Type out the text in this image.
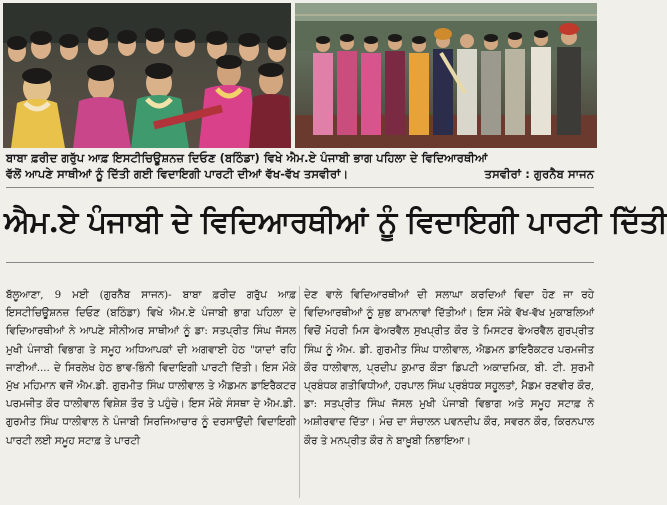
ਬਾਬਾ ਫ਼ਰੀਦ ਗਰੁੱਪ ਆਫ਼ ਇਸਟੀਚਿਊਸ਼ਨਜ਼ ਦਿਓਣ (ਬਠਿੰਡਾ) ਵਿਖੇ ਐਮ.ਏ ਪੰਜਾਬੀ ਭਾਗ ਪਹਿਲਾ ਦੇ ਵਿਦਿਆਰਥੀਆਂ
ਵੱਲੋਂ ਆਪਣੇ ਸਾਥੀਆਂ ਨੂੰ ਦਿੱਤੀ ਗਈ ਵਿਦਾਇਗੀ ਪਾਰਟੀ ਦੀਆਂ ਵੱਖ-ਵੱਖ ਤਸਵੀਰਾਂ।	ਤਸਵੀਰਾਂ : ਗੁਰਨੈਬ ਸਾਜਨ
ਐਮ.ਏ ਪੰਜਾਬੀ ਦੇ ਵਿਦਿਆਰਥੀਆਂ ਨੂੰ ਵਿਦਾਇਗੀ ਪਾਰਟੀ ਦਿੱਤੀ
ਬੱਲੂਆਣਾ, 9 ਮਈ (ਗੁਰਨੈਬ ਸਾਜਨ)- ਬਾਬਾ ਫ਼ਰੀਦ ਗਰੁੱਪ ਆਫ਼ ਇਸਟੀਚਿਊਸ਼ਨਜ਼ ਦਿਓਣ (ਬਠਿੰਡਾ) ਵਿਖੇ ਐਮ.ਏ ਪੰਜਾਬੀ ਭਾਗ ਪਹਿਲਾ ਦੇ ਵਿਦਿਆਰਥੀਆਂ ਨੇ ਆਪਣੇ ਸੀਨੀਅਰ ਸਾਥੀਆਂ ਨੂੰ ਡਾ: ਸਤਪ੍ਰੀਤ ਸਿੰਘ ਜੱਸਲ ਮੁਖੀ ਪੰਜਾਬੀ ਵਿਭਾਗ ਤੇ ਸਮੂਹ ਅਧਿਆਪਕਾਂ ਦੀ ਅਗਵਾਈ ਹੇਠ "ਯਾਦਾਂ ਰਹਿ ਜਾਣੀਆਂ.... ਦੇ ਸਿਰਲੇਖ ਹੇਠ ਭਾਵ-ਭਿੰਨੀ ਵਿਦਾਇਗੀ ਪਾਰਟੀ ਦਿੱਤੀ। ਇਸ ਮੌਕੇ ਮੁੱਖ ਮਹਿਮਾਨ ਵਜੋਂ ਐਮ.ਡੀ. ਗੁਰਮੀਤ ਸਿੰਘ ਧਾਲੀਵਾਲ ਤੇ ਐਡਮਨ ਡਾਇਰੈਕਟਰ ਪਰਮਜੀਤ ਕੌਰ ਧਾਲੀਵਾਲ ਵਿਸ਼ੇਸ਼ ਤੌਰ ਤੇ ਪਹੁੰਚੇ। ਇਸ ਮੌਕੇ ਸੰਸਥਾ ਦੇ ਐਮ.ਡੀ. ਗੁਰਮੀਤ ਸਿੰਘ ਧਾਲੀਵਾਲ ਨੇ ਪੰਜਾਬੀ ਸਿਰਜਿਆਚਾਰ ਨੂੰ ਦਰਸਾਉਂਦੀ ਵਿਦਾਇਗੀ ਪਾਰਟੀ ਲਈ ਸਮੂਹ ਸਟਾਫ਼ ਤੇ ਪਾਰਟੀ
ਦੇਣ ਵਾਲੇ ਵਿਦਿਆਰਥੀਆਂ ਦੀ ਸਲਾਘਾ ਕਰਦਿਆਂ ਵਿਦਾ ਹੋਣ ਜਾ ਰਹੇ ਵਿਦਿਆਰਥੀਆਂ ਨੂੰ ਸ਼ੁਭ ਕਾਮਨਾਵਾਂ ਦਿੱਤੀਆਂ। ਇਸ ਮੌਕੇ ਵੱਖ-ਵੱਖ ਮੁਕਾਬਲਿਆਂ ਵਿਚੋਂ ਮੋਹਰੀ ਮਿਸ ਫੇਅਰਵੈਲ ਸੁਖਪ੍ਰੀਤ ਕੌਰ ਤੇ ਮਿਸਟਰ ਫੇਅਰਵੈਲ ਗੁਰਪ੍ਰੀਤ ਸਿੰਘ ਨੂੰ ਐਮ. ਡੀ. ਗੁਰਮੀਤ ਸਿੰਘ ਧਾਲੀਵਾਲ, ਐਡਮਨ ਡਾਇਰੈਕਟਰ ਪਰਮਜੀਤ ਕੌਰ ਧਾਲੀਵਾਲ, ਪ੍ਰਦੀਪ ਕੁਮਾਰ ਕੌੜਾ ਡਿਪਟੀ ਅਕਾਦਮਿਕ, ਬੀ. ਟੀ. ਸੁਰਮੀ ਪ੍ਰਬੰਧਕ ਗਤੀਵਿਧੀਆਂ, ਹਰਪਾਲ ਸਿੰਘ ਪ੍ਰਬੰਧਕ ਸਹੂਲਤਾਂ, ਮੈਡਮ ਰਣਵੀਰ ਕੌਰ, ਡਾ: ਸਤਪ੍ਰੀਤ ਸਿੰਘ ਜੱਸਲ ਮੁਖੀ ਪੰਜਾਬੀ ਵਿਭਾਗ ਅਤੇ ਸਮੂਹ ਸਟਾਫ਼ ਨੇ ਅਸ਼ੀਰਵਾਦ ਦਿੱਤਾ। ਮੰਚ ਦਾ ਸੰਚਾਲਨ ਪਵਨਦੀਪ ਕੌਰ, ਸਵਰਨ ਕੌਰ, ਕਿਰਨਪਾਲ ਕੌਰ ਤੇ ਮਨਪ੍ਰੀਤ ਕੌਰ ਨੇ ਬਾਖ਼ੂਬੀ ਨਿਭਾਇਆ।
